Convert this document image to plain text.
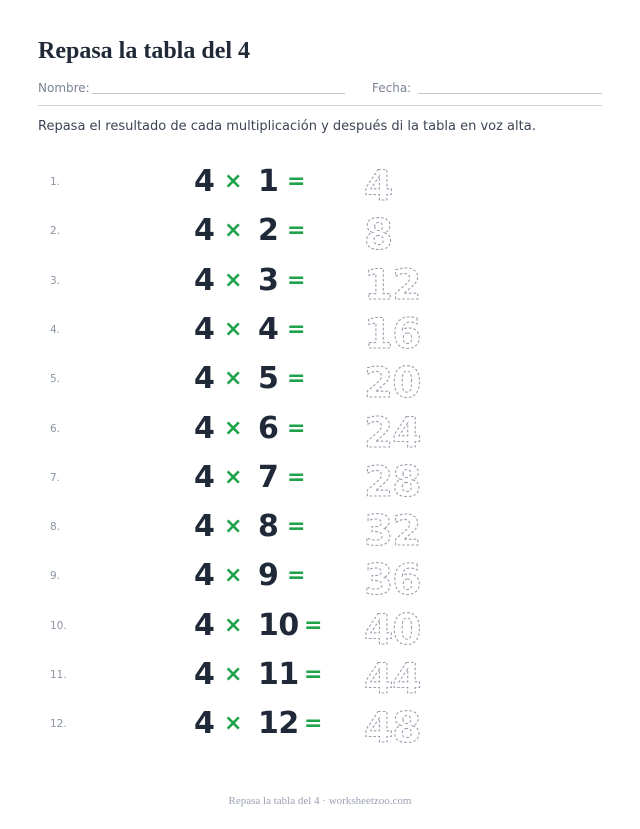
Repasa la tabla del 4
Nombre:	Fecha:

Repasa el resultado de cada multiplicación y después di la tabla en voz alta.

1.	4 × 1 = 4
2.	4 × 2 = 8
3.	4 × 3 = 12
4.	4 × 4 = 16
5.	4 × 5 = 20
6.	4 × 6 = 24
7.	4 × 7 = 28
8.	4 × 8 = 32
9.	4 × 9 = 36
10.	4 × 10 = 40
11.	4 × 11 = 44
12.	4 × 12 = 48
Repasa la tabla del 4 · worksheetzoo.com
